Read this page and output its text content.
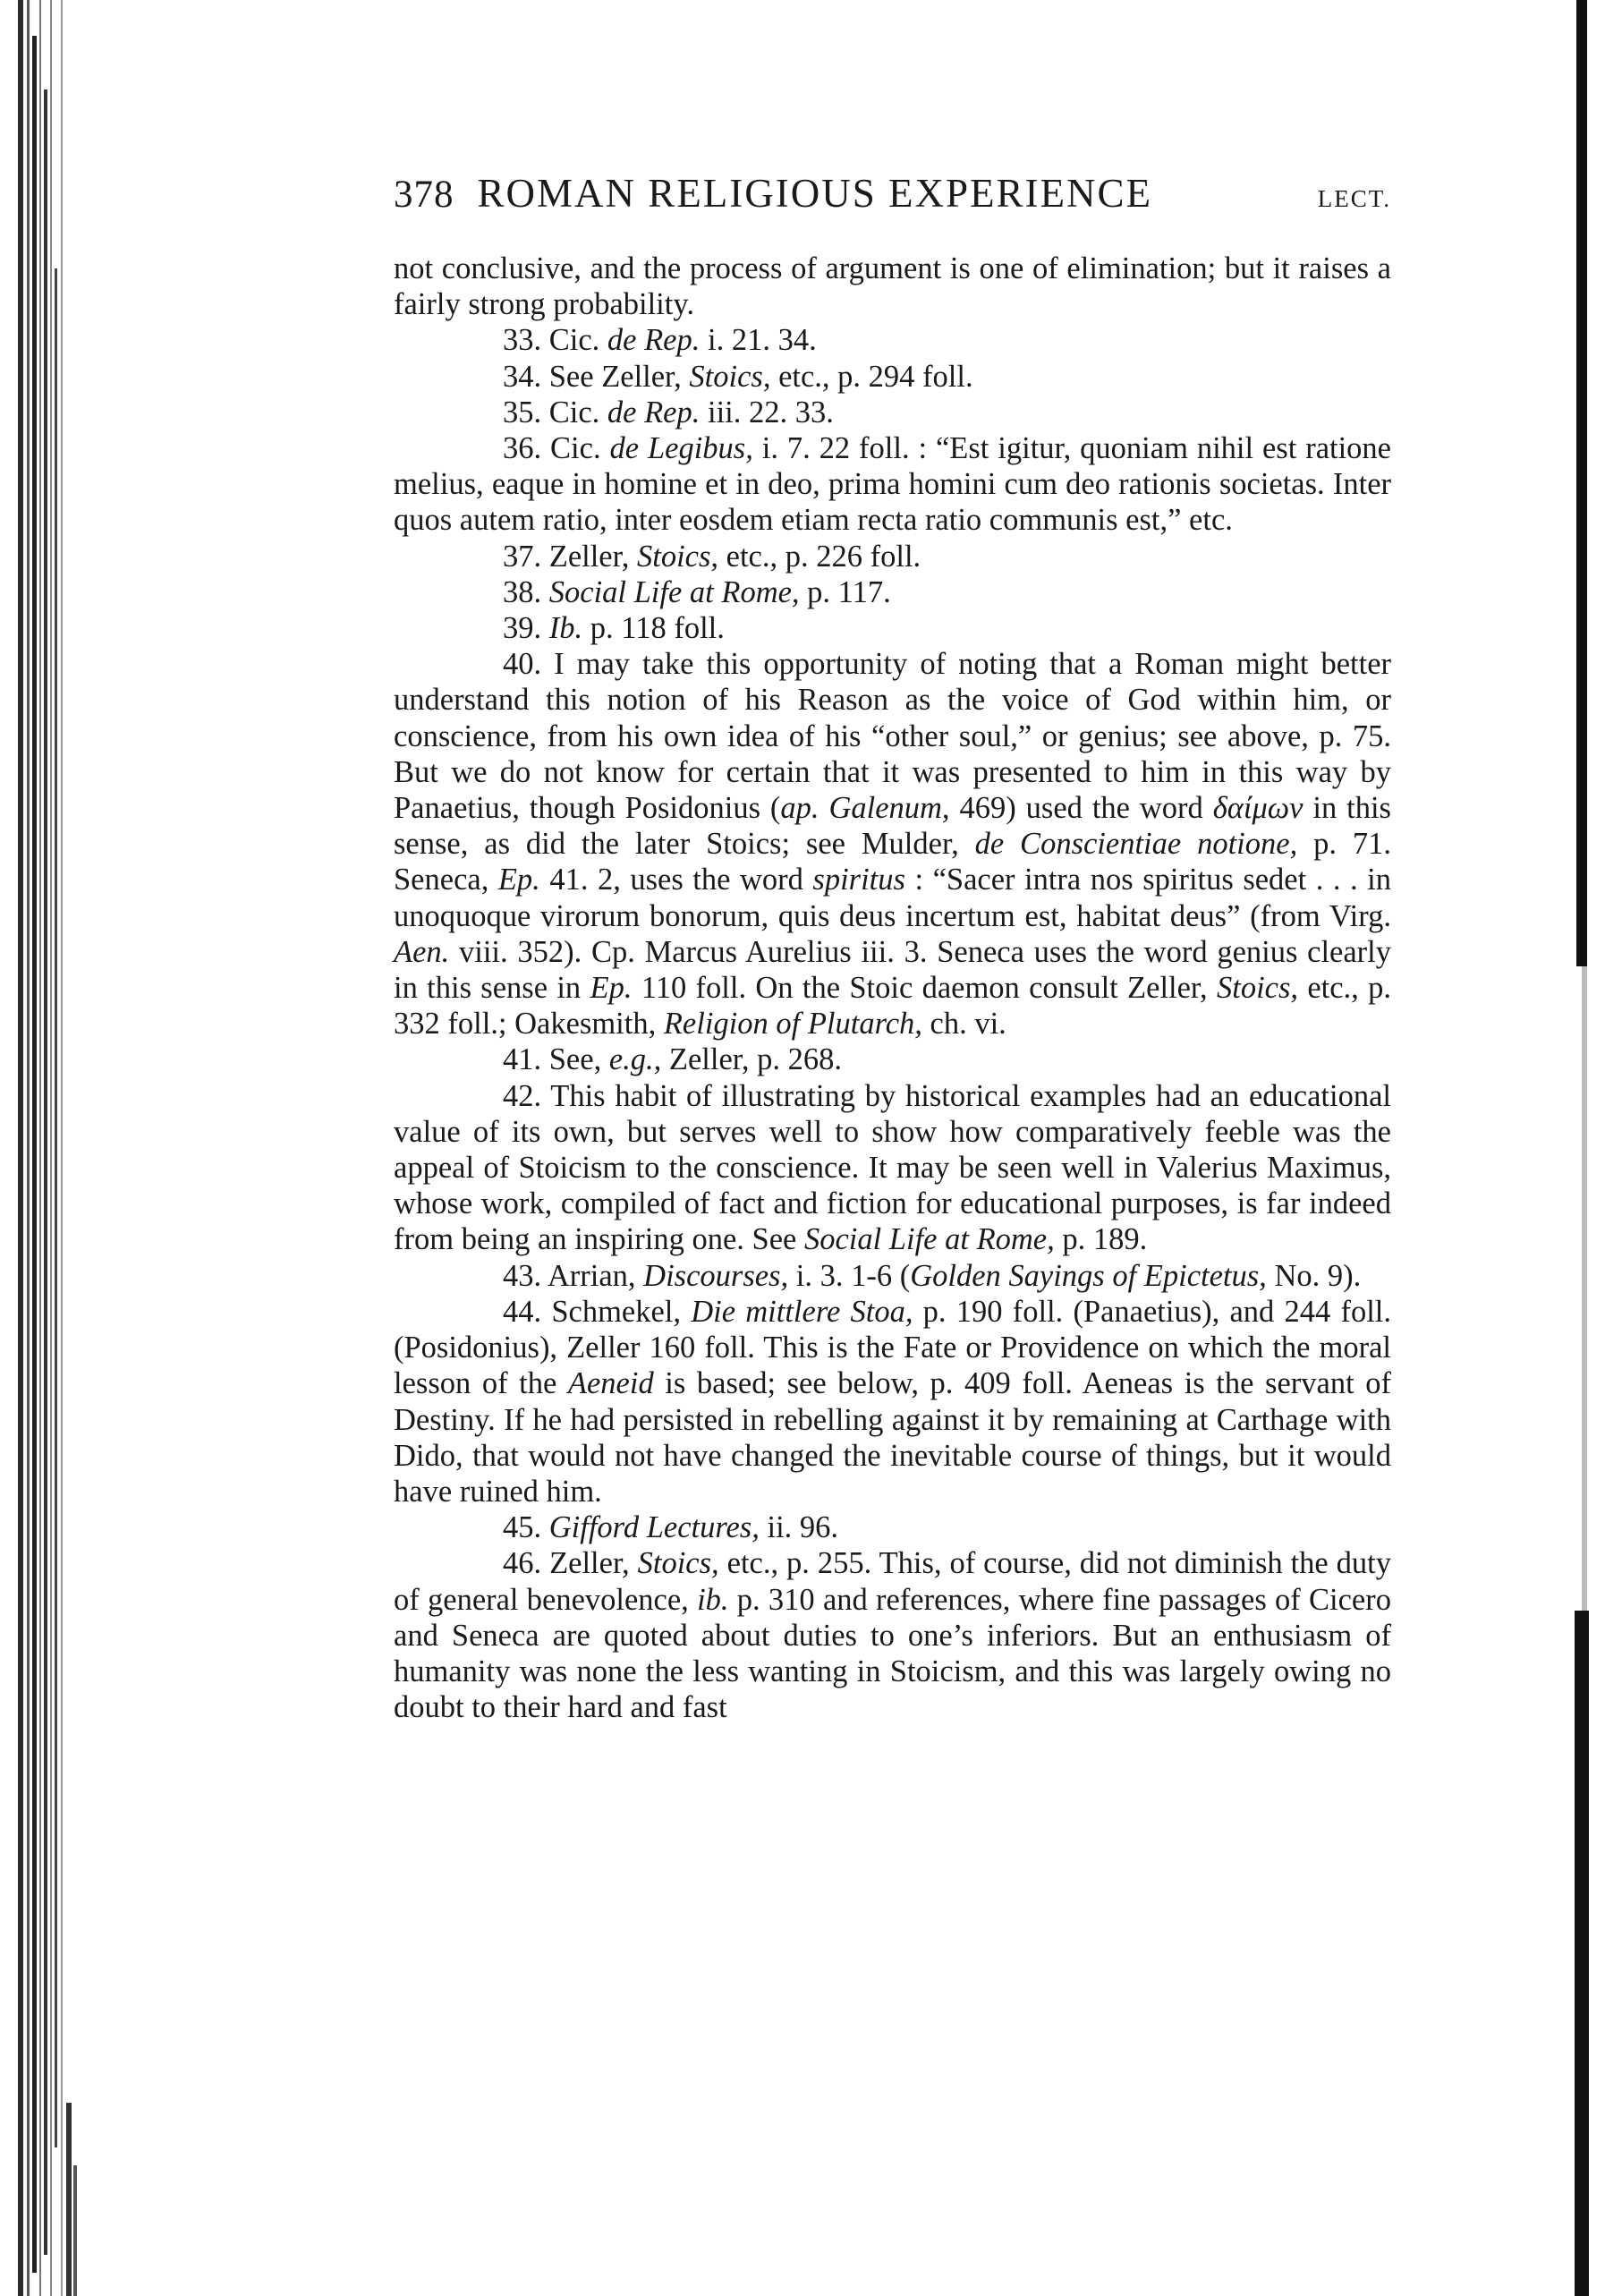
378 ROMAN RELIGIOUS EXPERIENCE	LECT.

not conclusive, and the process of argument is one of elimination; but it raises a fairly strong probability.

33. Cic. de Rep. i. 21. 34.

34. See Zeller, Stoics, etc., p. 294 foll.

35. Cic. de Rep. iii. 22. 33.

36. Cic. de Legibus, i. 7. 22 foll. : “Est igitur, quoniam nihil est ratione melius, eaque in homine et in deo, prima homini cum deo rationis societas. Inter quos autem ratio, inter eosdem etiam recta ratio communis est,” etc.

37. Zeller, Stoics, etc., p. 226 foll.

38. Social Life at Rome, p. 117.

39. Ib. p. 118 foll.

40. I may take this opportunity of noting that a Roman might better understand this notion of his Reason as the voice of God within him, or conscience, from his own idea of his “other soul,” or genius; see above, p. 75. But we do not know for certain that it was presented to him in this way by Panaetius, though Posidonius (ap. Galenum, 469) used the word δαίμων in this sense, as did the later Stoics; see Mulder, de Conscientiae notione, p. 71. Seneca, Ep. 41. 2, uses the word spiritus : “Sacer intra nos spiritus sedet . . . in unoquoque virorum bonorum, quis deus incertum est, habitat deus” (from Virg. Aen. viii. 352). Cp. Marcus Aurelius iii. 3. Seneca uses the word genius clearly in this sense in Ep. 110 foll. On the Stoic daemon consult Zeller, Stoics, etc., p. 332 foll.; Oakesmith, Religion of Plutarch, ch. vi.

41. See, e.g., Zeller, p. 268.

42. This habit of illustrating by historical examples had an educational value of its own, but serves well to show how comparatively feeble was the appeal of Stoicism to the conscience. It may be seen well in Valerius Maximus, whose work, compiled of fact and fiction for educational purposes, is far indeed from being an inspiring one. See Social Life at Rome, p. 189.

43. Arrian, Discourses, i. 3. 1-6 (Golden Sayings of Epictetus, No. 9).

44. Schmekel, Die mittlere Stoa, p. 190 foll. (Panaetius), and 244 foll. (Posidonius), Zeller 160 foll. This is the Fate or Providence on which the moral lesson of the Aeneid is based; see below, p. 409 foll. Aeneas is the servant of Destiny. If he had persisted in rebelling against it by remaining at Carthage with Dido, that would not have changed the inevitable course of things, but it would have ruined him.

45. Gifford Lectures, ii. 96.

46. Zeller, Stoics, etc., p. 255. This, of course, did not diminish the duty of general benevolence, ib. p. 310 and references, where fine passages of Cicero and Seneca are quoted about duties to one’s inferiors. But an enthusiasm of humanity was none the less wanting in Stoicism, and this was largely owing no doubt to their hard and fast
